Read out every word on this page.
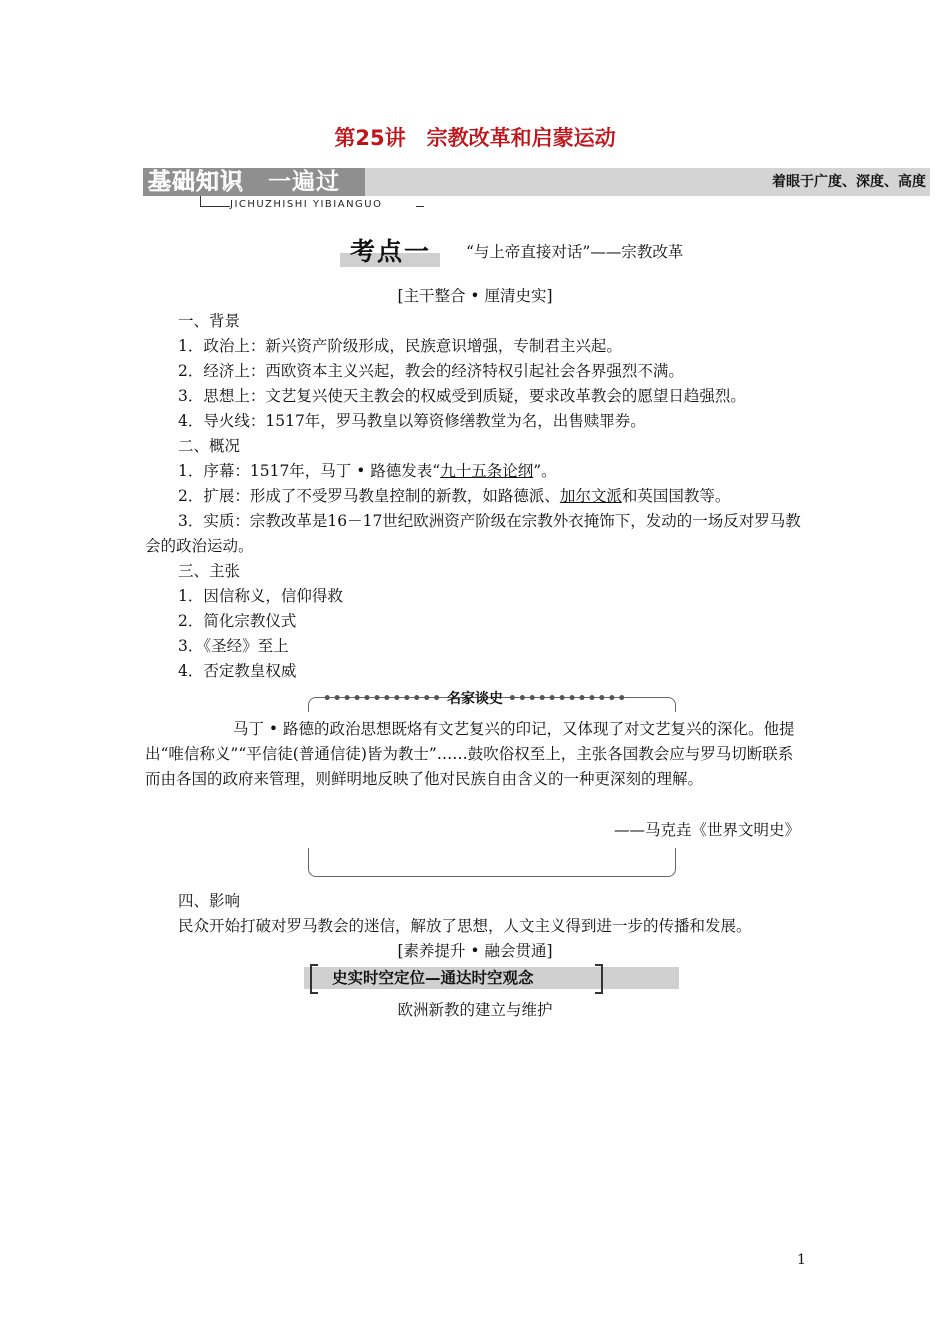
第25讲　宗教改革和启蒙运动
基础知识 一遍过	着眼于广度、深度、高度
JICHUZHISHI YIBIANGUO
考点一 “与上帝直接对话”——宗教改革
[主干整合 • 厘清史实]
一、背景
1．政治上：新兴资产阶级形成，民族意识增强，专制君主兴起。
2．经济上：西欧资本主义兴起，教会的经济特权引起社会各界强烈不满。
3．思想上：文艺复兴使天主教会的权威受到质疑，要求改革教会的愿望日趋强烈。
4．导火线：1517年，罗马教皇以筹资修缮教堂为名，出售赎罪券。
二、概况
1．序幕：1517年，马丁 • 路德发表“九十五条论纲”。
2．扩展：形成了不受罗马教皇控制的新教，如路德派、加尔文派和英国国教等。
3．实质：宗教改革是16－17世纪欧洲资产阶级在宗教外衣掩饰下，发动的一场反对罗马教会的政治运动。
三、主张
1．因信称义，信仰得救
2．简化宗教仪式
3．《圣经》至上
4．否定教皇权威
•••••••••••• 名家谈史 ••••••••••••
马丁 • 路德的政治思想既烙有文艺复兴的印记，又体现了对文艺复兴的深化。他提出“唯信称义”“平信徒(普通信徒)皆为教士”……鼓吹俗权至上，主张各国教会应与罗马切断联系而由各国的政府来管理，则鲜明地反映了他对民族自由含义的一种更深刻的理解。
——马克垚《世界文明史》
四、影响
民众开始打破对罗马教会的迷信，解放了思想，人文主义得到进一步的传播和发展。
[素养提升 • 融会贯通]
史实时空定位—通达时空观念
欧洲新教的建立与维护
1
